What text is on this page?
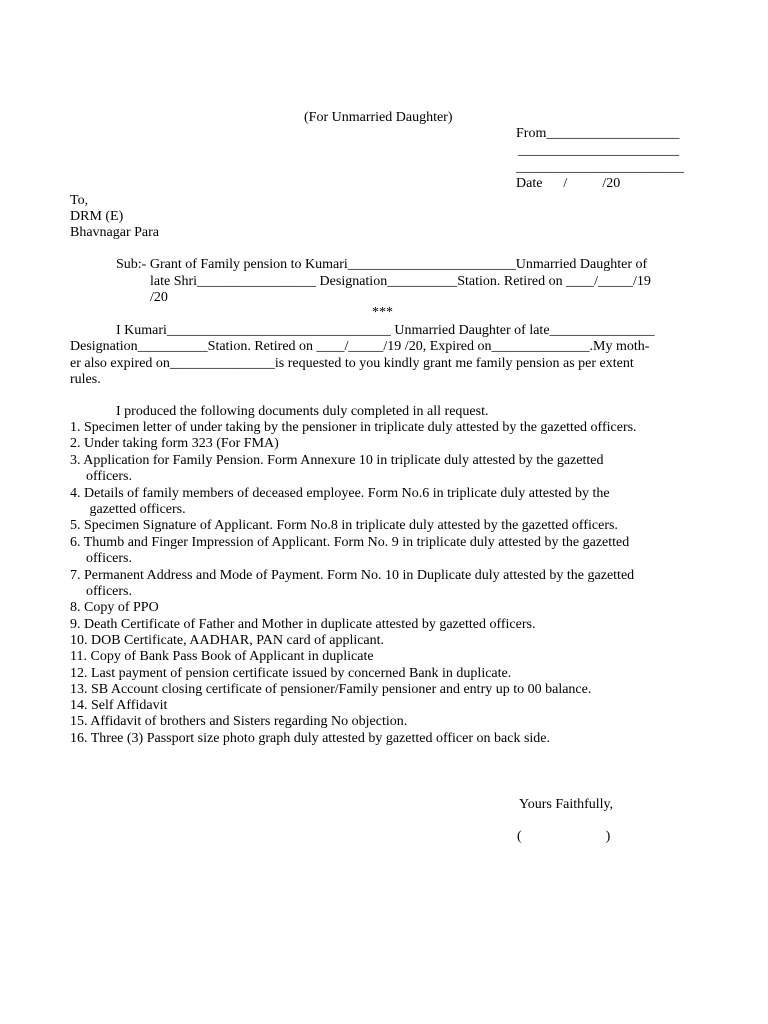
(For Unmarried Daughter)
From___________________
_______________________
________________________
Date      /          /20
To,
DRM (E)
Bhavnagar Para
Sub:- Grant of Family pension to Kumari________________________Unmarried Daughter of
late Shri_________________ Designation__________Station. Retired on ____/_____/19
/20
***
I Kumari________________________________ Unmarried Daughter of late_______________
Designation__________Station. Retired on ____/_____/19 /20, Expired on______________.My moth-
er also expired on_______________is requested to you kindly grant me family pension as per extent
rules.
I produced the following documents duly completed in all request.
1. Specimen letter of under taking by the pensioner in triplicate duly attested by the gazetted officers.
2. Under taking form 323 (For FMA)
3. Application for Family Pension. Form Annexure 10 in triplicate duly attested by the gazetted
officers.
4. Details of family members of deceased employee. Form No.6 in triplicate duly attested by the
gazetted officers.
5. Specimen Signature of Applicant. Form No.8 in triplicate duly attested by the gazetted officers.
6. Thumb and Finger Impression of Applicant. Form No. 9 in triplicate duly attested by the gazetted
officers.
7. Permanent Address and Mode of Payment. Form No. 10 in Duplicate duly attested by the gazetted
officers.
8. Copy of PPO
9. Death Certificate of Father and Mother in duplicate attested by gazetted officers.
10. DOB Certificate, AADHAR, PAN card of applicant.
11. Copy of Bank Pass Book of Applicant in duplicate
12. Last payment of pension certificate issued by concerned Bank in duplicate.
13. SB Account closing certificate of pensioner/Family pensioner and entry up to 00 balance.
14. Self Affidavit
15. Affidavit of brothers and Sisters regarding No objection.
16. Three (3) Passport size photo graph duly attested by gazetted officer on back side.
Yours Faithfully,
(                        )
